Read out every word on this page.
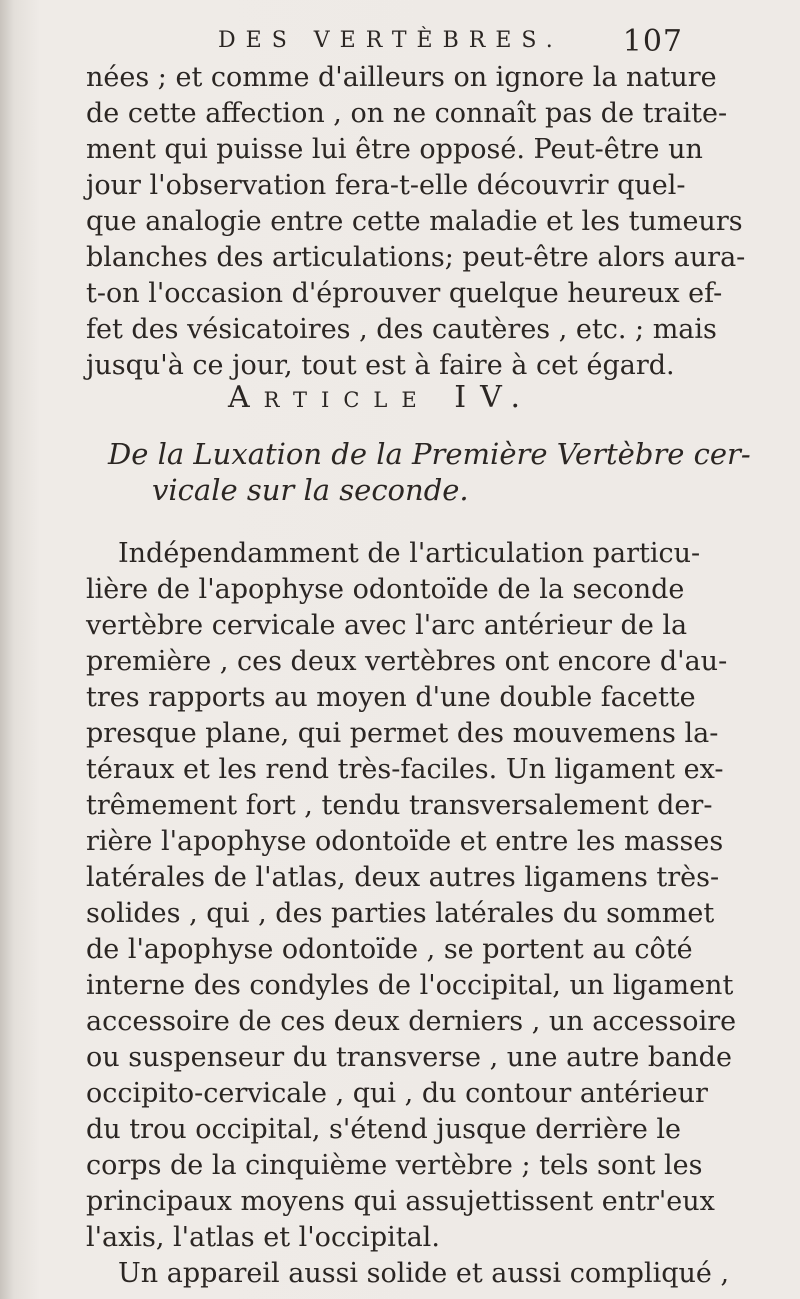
DES VERTÈBRES. 107
nées ; et comme d'ailleurs on ignore la nature
de cette affection , on ne connaît pas de traite-
ment qui puisse lui être opposé. Peut-être un
jour l'observation fera-t-elle découvrir quel-
que analogie entre cette maladie et les tumeurs
blanches des articulations; peut-être alors aura-
t-on l'occasion d'éprouver quelque heureux ef-
fet des vésicatoires , des cautères , etc. ; mais
jusqu'à ce jour, tout est à faire à cet égard.
Article IV.
De la Luxation de la Première Vertèbre cer-
vicale sur la seconde.
Indépendamment de l'articulation particu-
lière de l'apophyse odontoïde de la seconde
vertèbre cervicale avec l'arc antérieur de la
première , ces deux vertèbres ont encore d'au-
tres rapports au moyen d'une double facette
presque plane, qui permet des mouvemens la-
téraux et les rend très-faciles. Un ligament ex-
trêmement fort , tendu transversalement der-
rière l'apophyse odontoïde et entre les masses
latérales de l'atlas, deux autres ligamens très-
solides , qui , des parties latérales du sommet
de l'apophyse odontoïde , se portent au côté
interne des condyles de l'occipital, un ligament
accessoire de ces deux derniers , un accessoire
ou suspenseur du transverse , une autre bande
occipito-cervicale , qui , du contour antérieur
du trou occipital, s'étend jusque derrière le
corps de la cinquième vertèbre ; tels sont les
principaux moyens qui assujettissent entr'eux
l'axis, l'atlas et l'occipital.
Un appareil aussi solide et aussi compliqué ,
